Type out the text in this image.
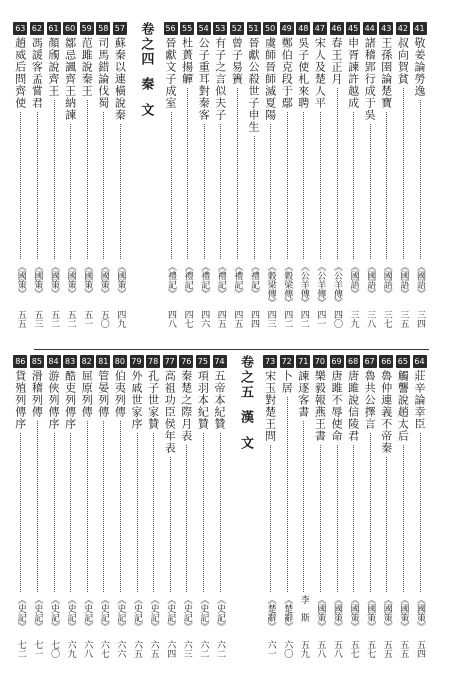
41
敬姜論勞逸
《國語》
三四
42
叔向賀貧
《國語》
三五
43
王孫圉論楚寶
《國語》
三七
44
諸稽郢行成于吳
《國語》
三八
45
申胥諫許越成
《國語》
三九
46
春王正月
《公羊傳》
四〇
47
宋人及楚人平
《公羊傳》
四一
48
吳子使札來聘
《公羊傳》
四二
49
鄭伯克段于鄢
《穀梁傳》
四二
50
虞師晉師滅夏陽
《穀梁傳》
四三
51
晉獻公殺世子申生
《禮記》
四四
52
曾子易簀
《禮記》
四五
53
有子之言似夫子
《禮記》
四五
54
公子重耳對秦客
《禮記》
四六
55
杜蕢揚觶
《禮記》
四七
56
晉獻文子成室
《禮記》
四八
卷之四秦　文
57
蘇秦以連橫說秦
《國策》
四九
58
司馬錯論伐蜀
《國策》
五〇
59
范雎說秦王
《國策》
五一
60
鄒忌諷齊王納諫
《國策》
五二
61
顏斶說齊王
《國策》
五二
62
馮諼客孟嘗君
《國策》
五三
63
趙威后問齊使
《國策》
五五
64
莊辛論幸臣
《國策》
五四
65
觸讋說趙太后
《國策》
五五
66
魯仲連義不帝秦
《國策》
五五
67
魯共公擇言
《國策》
五七
68
唐雎說信陵君
《國策》
五七
69
唐雎不辱使命
《國策》
五八
70
樂毅報燕王書
《國策》
五八
71
諫逐客書
李　斯
五九
72
卜居
《楚辭》
六〇
73
宋玉對楚王問
《楚辭》
六一
卷之五漢　文
74
五帝本紀贊
《史記》
六二
75
項羽本紀贊
《史記》
六二
76
秦楚之際月表
《史記》
六三
77
高祖功臣侯年表
《史記》
六四
78
孔子世家贊
《史記》
六五
79
外戚世家序
《史記》
六五
80
伯夷列傳
《史記》
六六
81
管晏列傳
《史記》
六七
82
屈原列傳
《史記》
六八
83
酷吏列傳序
《史記》
六九
84
游俠列傳序
《史記》
七〇
85
滑稽列傳
《史記》
七一
86
貨殖列傳序
《史記》
七二
